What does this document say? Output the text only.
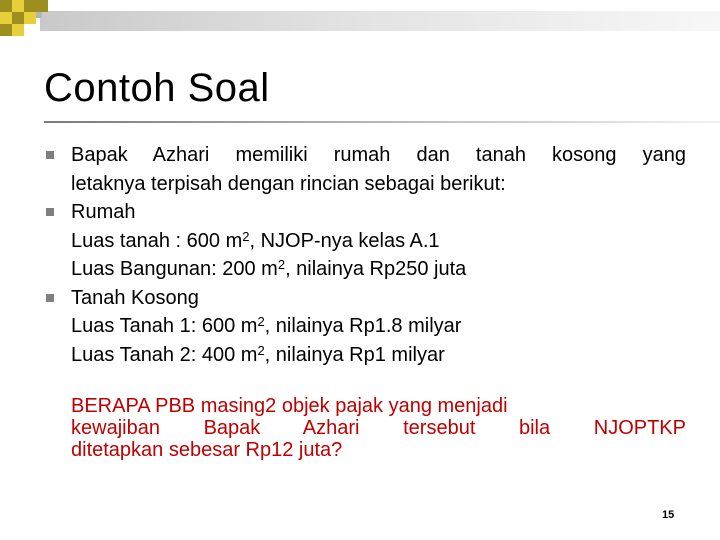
Contoh Soal

Bapak Azhari memiliki rumah dan tanah kosong yang

letaknya terpisah dengan rincian sebagai berikut:

Rumah

Luas tanah : 600 $m^2$, NJOP-nya kelas A.1

Luas Bangunan: 200 $m^2$, nilainya Rp250 juta

Tanah Kosong

Luas Tanah 1: 600 $m^2$, nilainya Rp1.8 milyar

Luas Tanah 2: 400 $m^2$, nilainya Rp1 milyar

BERAPA PBB masing2 objek pajak yang menjadi

kewajiban Bapak Azhari tersebut bila NJOPTKP

ditetapkan sebesar Rp12 juta?

15
